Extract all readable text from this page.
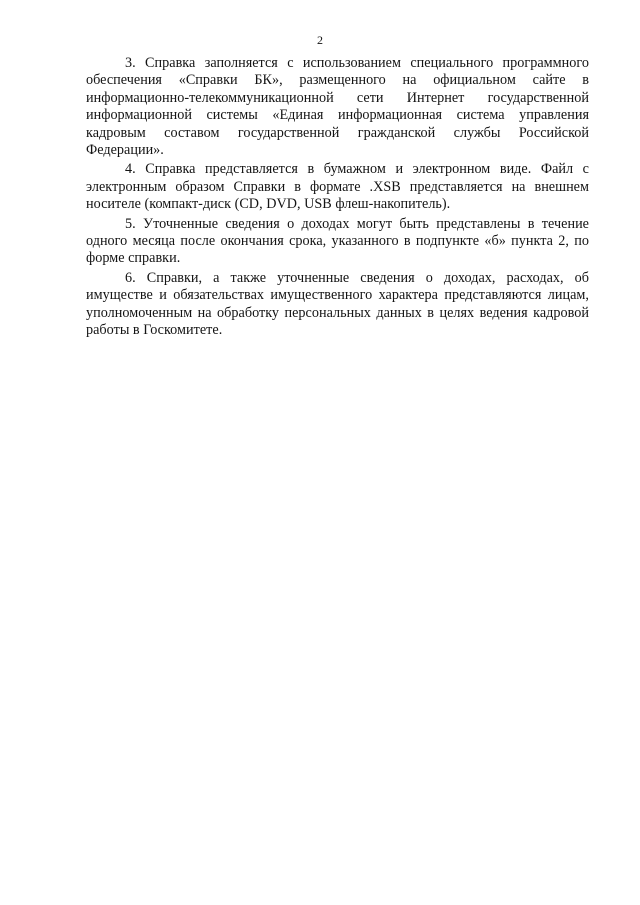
2

3. Справка заполняется с использованием специального программного обеспечения «Справки БК», размещенного на официальном сайте в информационно-телекоммуникационной сети Интернет государственной информационной системы «Единая информационная система управления кадровым составом государственной гражданской службы Российской Федерации».

4. Справка представляется в бумажном и электронном виде. Файл с электронным образом Справки в формате .XSB представляется на внешнем носителе (компакт-диск (CD, DVD, USB флеш-накопитель).

5. Уточненные сведения о доходах могут быть представлены в течение одного месяца после окончания срока, указанного в подпункте «б» пункта 2, по форме справки.

6. Справки, а также уточненные сведения о доходах, расходах, об имуществе и обязательствах имущественного характера представляются лицам, уполномоченным на обработку персональных данных в целях ведения кадровой работы в Госкомитете.
